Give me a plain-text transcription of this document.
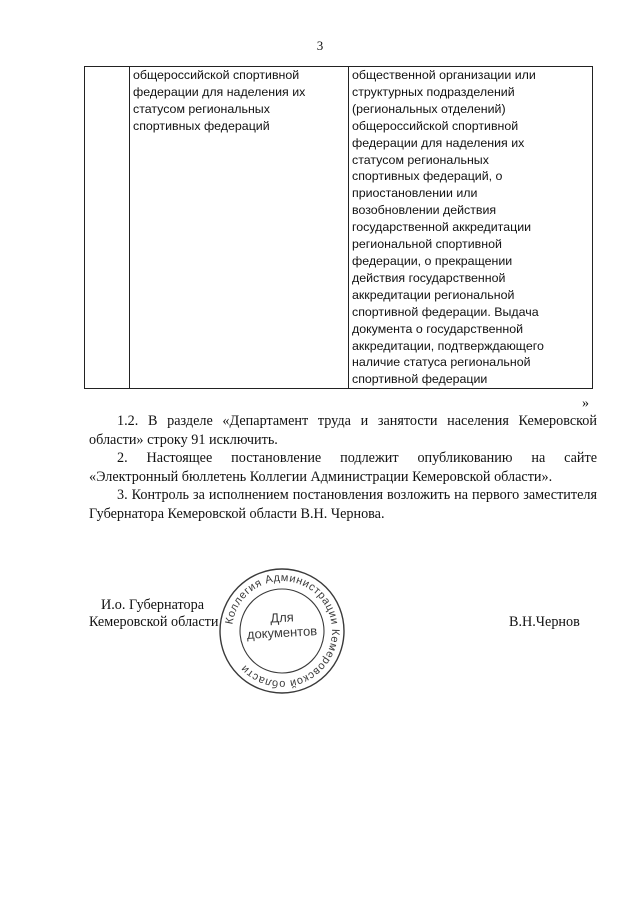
3
	общероссийской спортивной
федерации для наделения их
статусом региональных
спортивных федераций	общественной организации или
структурных подразделений
(региональных отделений)
общероссийской спортивной
федерации для наделения их
статусом региональных
спортивных федераций, о
приостановлении или
возобновлении действия
государственной аккредитации
региональной спортивной
федерации, о прекращении
действия государственной
аккредитации региональной
спортивной федерации. Выдача
документа о государственной
аккредитации, подтверждающего
наличие статуса региональной
спортивной федерации
»

1.2. В разделе «Департамент труда и занятости населения Кемеровской области» строку 91 исключить.

2. Настоящее постановление подлежит опубликованию на сайте «Электронный бюллетень Коллегии Администрации Кемеровской области».

3. Контроль за исполнением постановления возложить на первого заместителя Губернатора Кемеровской области В.Н. Чернова.

И.о. Губернатора
Кемеровской области	В.Н.Чернов
Коллегия Администрации Кемеровской области
Для
документов
